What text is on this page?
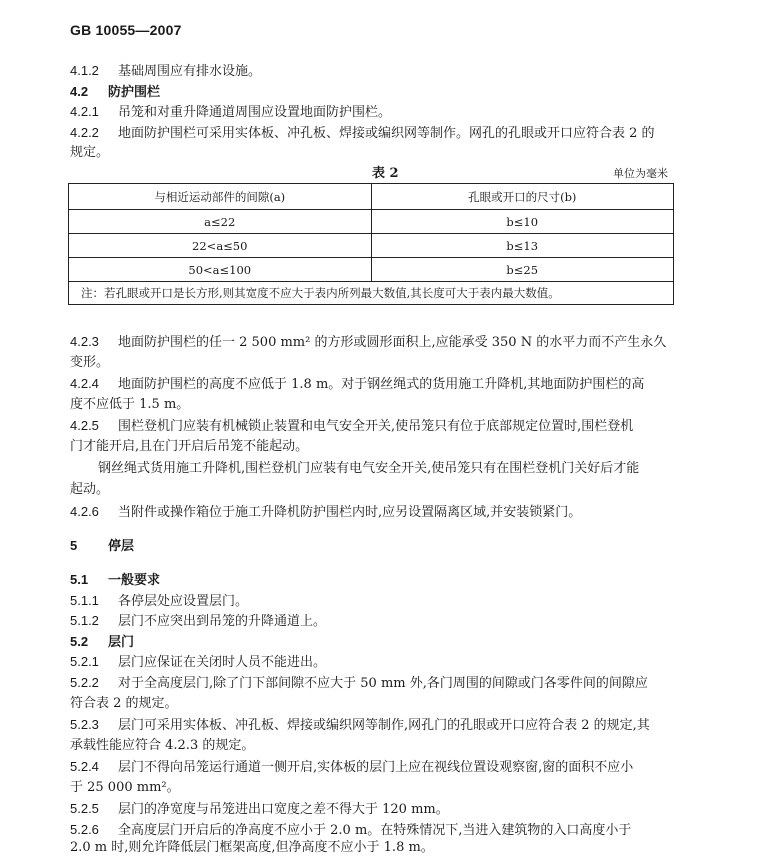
GB 10055—2007
4.1.2 基础周围应有排水设施。
4.2 防护围栏
4.2.1 吊笼和对重升降通道周围应设置地面防护围栏。
4.2.2 地面防护围栏可采用实体板、冲孔板、焊接或编织网等制作。网孔的孔眼或开口应符合表 2 的
规定。
表 2	单位为毫米
与相近运动部件的间隙(a)	孔眼或开口的尺寸(b)
a≤22	b≤10
22<a≤50	b≤13
50<a≤100	b≤25
注：若孔眼或开口是长方形,则其宽度不应大于表内所列最大数值,其长度可大于表内最大数值。	
4.2.3 地面防护围栏的任一 2 500 mm² 的方形或圆形面积上,应能承受 350 N 的水平力而不产生永久
变形。
4.2.4 地面防护围栏的高度不应低于 1.8 m。对于钢丝绳式的货用施工升降机,其地面防护围栏的高
度不应低于 1.5 m。
4.2.5 围栏登机门应装有机械锁止装置和电气安全开关,使吊笼只有位于底部规定位置时,围栏登机
门才能开启,且在门开启后吊笼不能起动。
钢丝绳式货用施工升降机,围栏登机门应装有电气安全开关,使吊笼只有在围栏登机门关好后才能
起动。
4.2.6 当附件或操作箱位于施工升降机防护围栏内时,应另设置隔离区域,并安装锁紧门。
5 停层
5.1 一般要求
5.1.1 各停层处应设置层门。
5.1.2 层门不应突出到吊笼的升降通道上。
5.2 层门
5.2.1 层门应保证在关闭时人员不能进出。
5.2.2 对于全高度层门,除了门下部间隙不应大于 50 mm 外,各门周围的间隙或门各零件间的间隙应
符合表 2 的规定。
5.2.3 层门可采用实体板、冲孔板、焊接或编织网等制作,网孔门的孔眼或开口应符合表 2 的规定,其
承载性能应符合 4.2.3 的规定。
5.2.4 层门不得向吊笼运行通道一侧开启,实体板的层门上应在视线位置设观察窗,窗的面积不应小
于 25 000 mm²。
5.2.5 层门的净宽度与吊笼进出口宽度之差不得大于 120 mm。
5.2.6 全高度层门开启后的净高度不应小于 2.0 m。在特殊情况下,当进入建筑物的入口高度小于
2.0 m 时,则允许降低层门框架高度,但净高度不应小于 1.8 m。
